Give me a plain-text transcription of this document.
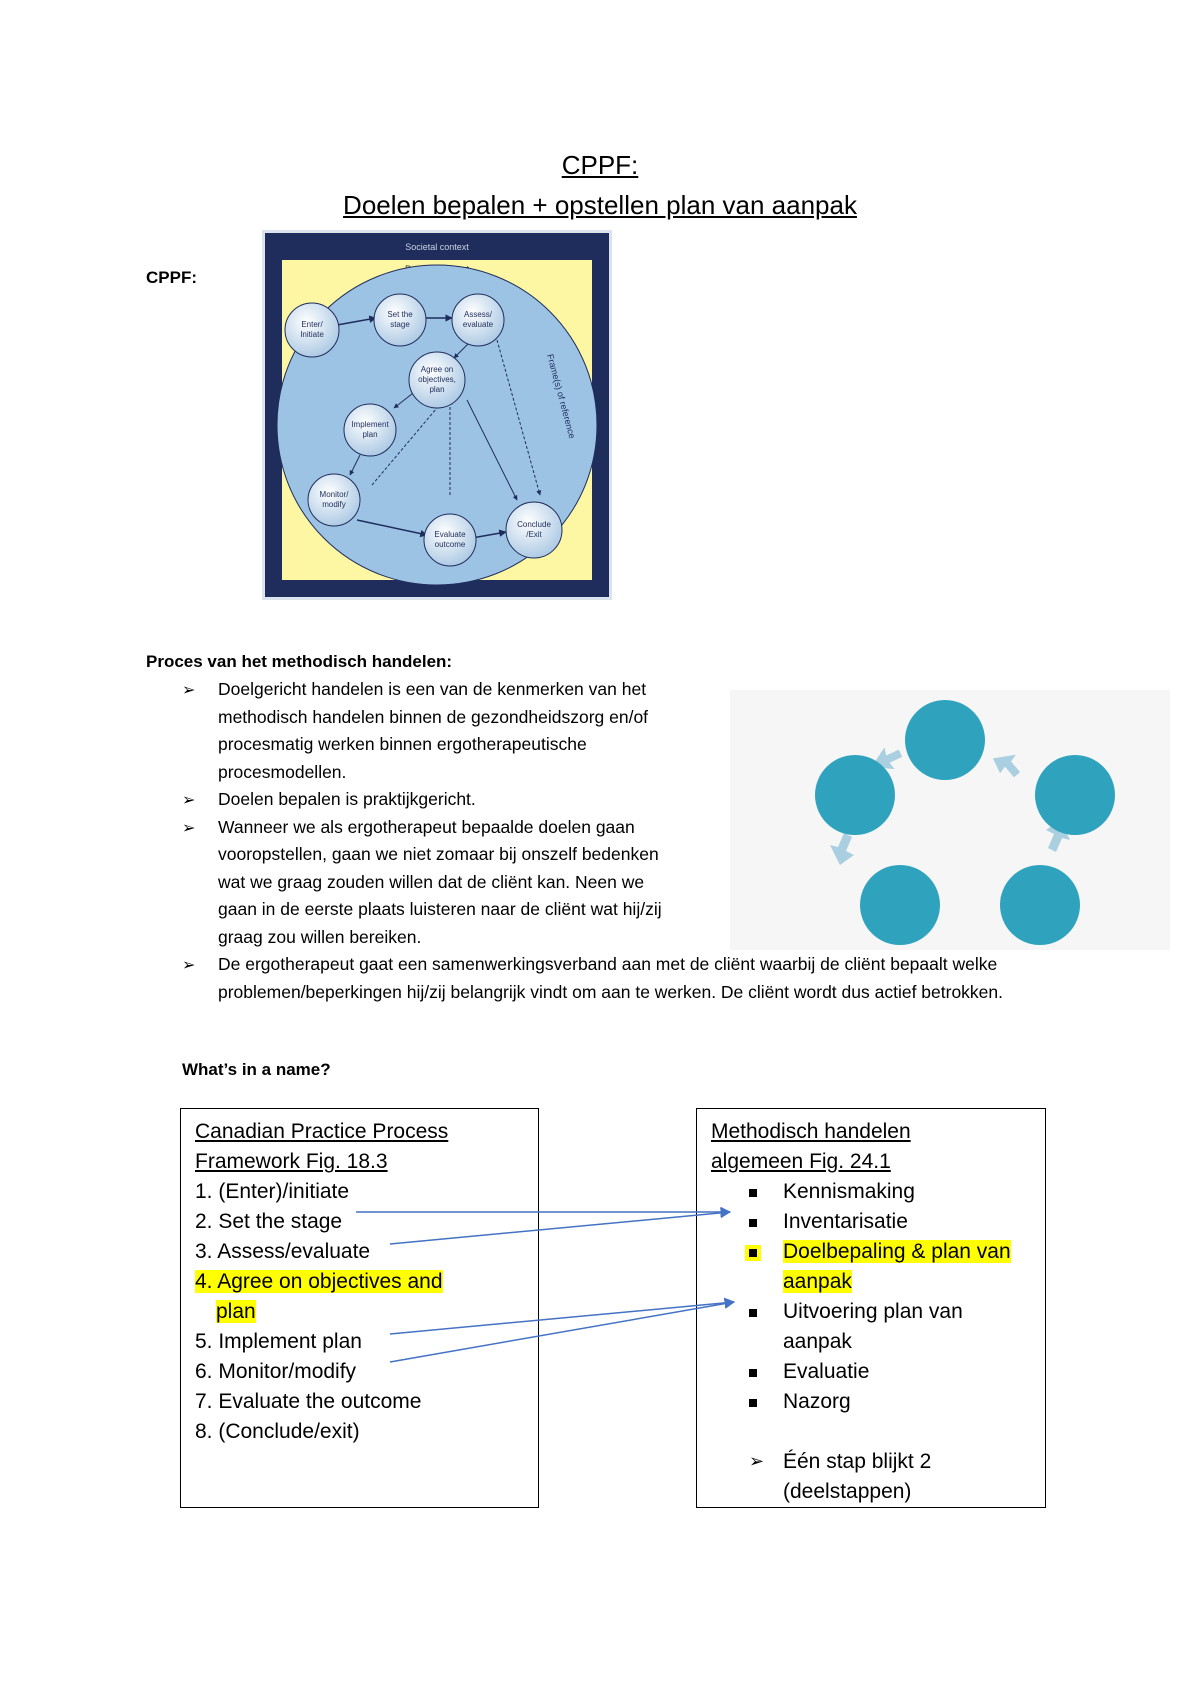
CPPF:
Doelen bepalen + opstellen plan van aanpak
CPPF:
Societal context
Frame(s) of reference
Enter/
Initiate
Set the
stage
Assess/
evaluate
Agree on
objectives,
plan
Implement
plan
Monitor/
modify
Evaluate
outcome
Conclude
/Exit
Proces van het methodisch handelen:
➢ Doelgericht handelen is een van de kenmerken van het methodisch handelen binnen de gezondheidszorg en/of procesmatig werken binnen ergotherapeutische procesmodellen.
➢ Doelen bepalen is praktijkgericht.
➢ Wanneer we als ergotherapeut bepaalde doelen gaan vooropstellen, gaan we niet zomaar bij onszelf bedenken wat we graag zouden willen dat de cliënt kan. Neen we gaan in de eerste plaats luisteren naar de cliënt wat hij/zij graag zou willen bereiken.
➢ De ergotherapeut gaat een samenwerkingsverband aan met de cliënt waarbij de cliënt bepaalt welke problemen/beperkingen hij/zij belangrijk vindt om aan te werken. De cliënt wordt dus actief betrokken.
What’s in a name?
Canadian Practice Process
Framework Fig. 18.3
1. (Enter)/initiate
2. Set the stage
3. Assess/evaluate
4. Agree on objectives and
plan
5. Implement plan
6. Monitor/modify
7. Evaluate the outcome
8. (Conclude/exit)
Methodisch handelen
algemeen Fig. 24.1
Kennismaking
Inventarisatie
Doelbepaling & plan van aanpak
Uitvoering plan van aanpak
Evaluatie
Nazorg
➢ Één stap blijkt 2 (deelstappen)
